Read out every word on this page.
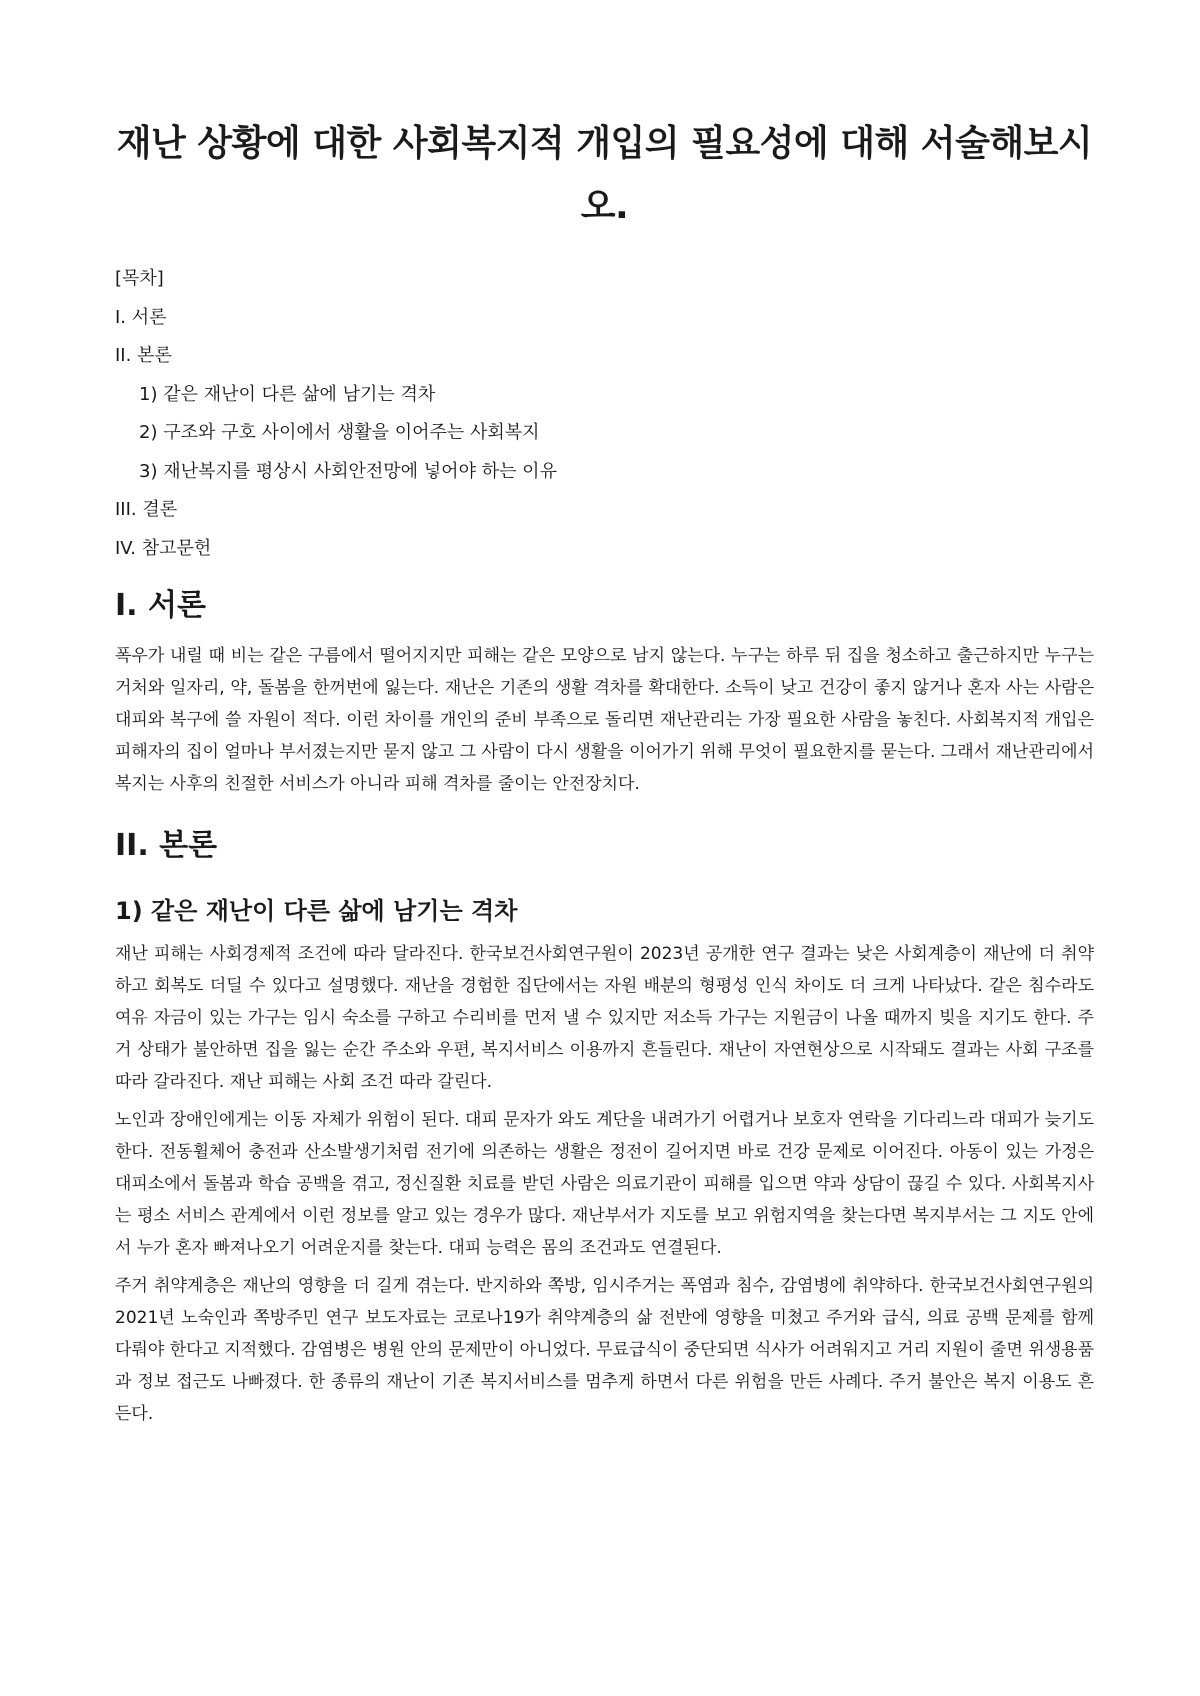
재난 상황에 대한 사회복지적 개입의 필요성에 대해 서술해보시오.

[목차]

I. 서론

II. 본론

1) 같은 재난이 다른 삶에 남기는 격차

2) 구조와 구호 사이에서 생활을 이어주는 사회복지

3) 재난복지를 평상시 사회안전망에 넣어야 하는 이유

III. 결론

IV. 참고문헌

I. 서론

폭우가 내릴 때 비는 같은 구름에서 떨어지지만 피해는 같은 모양으로 남지 않는다. 누구는 하루 뒤 집을 청소하고 출근하지만 누구는 거처와 일자리, 약, 돌봄을 한꺼번에 잃는다. 재난은 기존의 생활 격차를 확대한다. 소득이 낮고 건강이 좋지 않거나 혼자 사는 사람은 대피와 복구에 쓸 자원이 적다. 이런 차이를 개인의 준비 부족으로 돌리면 재난관리는 가장 필요한 사람을 놓친다. 사회복지적 개입은 피해자의 집이 얼마나 부서졌는지만 묻지 않고 그 사람이 다시 생활을 이어가기 위해 무엇이 필요한지를 묻는다. 그래서 재난관리에서 복지는 사후의 친절한 서비스가 아니라 피해 격차를 줄이는 안전장치다.

II. 본론
1) 같은 재난이 다른 삶에 남기는 격차

재난 피해는 사회경제적 조건에 따라 달라진다. 한국보건사회연구원이 2023년 공개한 연구 결과는 낮은 사회계층이 재난에 더 취약하고 회복도 더딜 수 있다고 설명했다. 재난을 경험한 집단에서는 자원 배분의 형평성 인식 차이도 더 크게 나타났다. 같은 침수라도 여유 자금이 있는 가구는 임시 숙소를 구하고 수리비를 먼저 낼 수 있지만 저소득 가구는 지원금이 나올 때까지 빚을 지기도 한다. 주거 상태가 불안하면 집을 잃는 순간 주소와 우편, 복지서비스 이용까지 흔들린다. 재난이 자연현상으로 시작돼도 결과는 사회 구조를 따라 갈라진다. 재난 피해는 사회 조건 따라 갈린다.

노인과 장애인에게는 이동 자체가 위험이 된다. 대피 문자가 와도 계단을 내려가기 어렵거나 보호자 연락을 기다리느라 대피가 늦기도 한다. 전동휠체어 충전과 산소발생기처럼 전기에 의존하는 생활은 정전이 길어지면 바로 건강 문제로 이어진다. 아동이 있는 가정은 대피소에서 돌봄과 학습 공백을 겪고, 정신질환 치료를 받던 사람은 의료기관이 피해를 입으면 약과 상담이 끊길 수 있다. 사회복지사는 평소 서비스 관계에서 이런 정보를 알고 있는 경우가 많다. 재난부서가 지도를 보고 위험지역을 찾는다면 복지부서는 그 지도 안에서 누가 혼자 빠져나오기 어려운지를 찾는다. 대피 능력은 몸의 조건과도 연결된다.

주거 취약계층은 재난의 영향을 더 길게 겪는다. 반지하와 쪽방, 임시주거는 폭염과 침수, 감염병에 취약하다. 한국보건사회연구원의 2021년 노숙인과 쪽방주민 연구 보도자료는 코로나19가 취약계층의 삶 전반에 영향을 미쳤고 주거와 급식, 의료 공백 문제를 함께 다뤄야 한다고 지적했다. 감염병은 병원 안의 문제만이 아니었다. 무료급식이 중단되면 식사가 어려워지고 거리 지원이 줄면 위생용품과 정보 접근도 나빠졌다. 한 종류의 재난이 기존 복지서비스를 멈추게 하면서 다른 위험을 만든 사례다. 주거 불안은 복지 이용도 흔든다.
